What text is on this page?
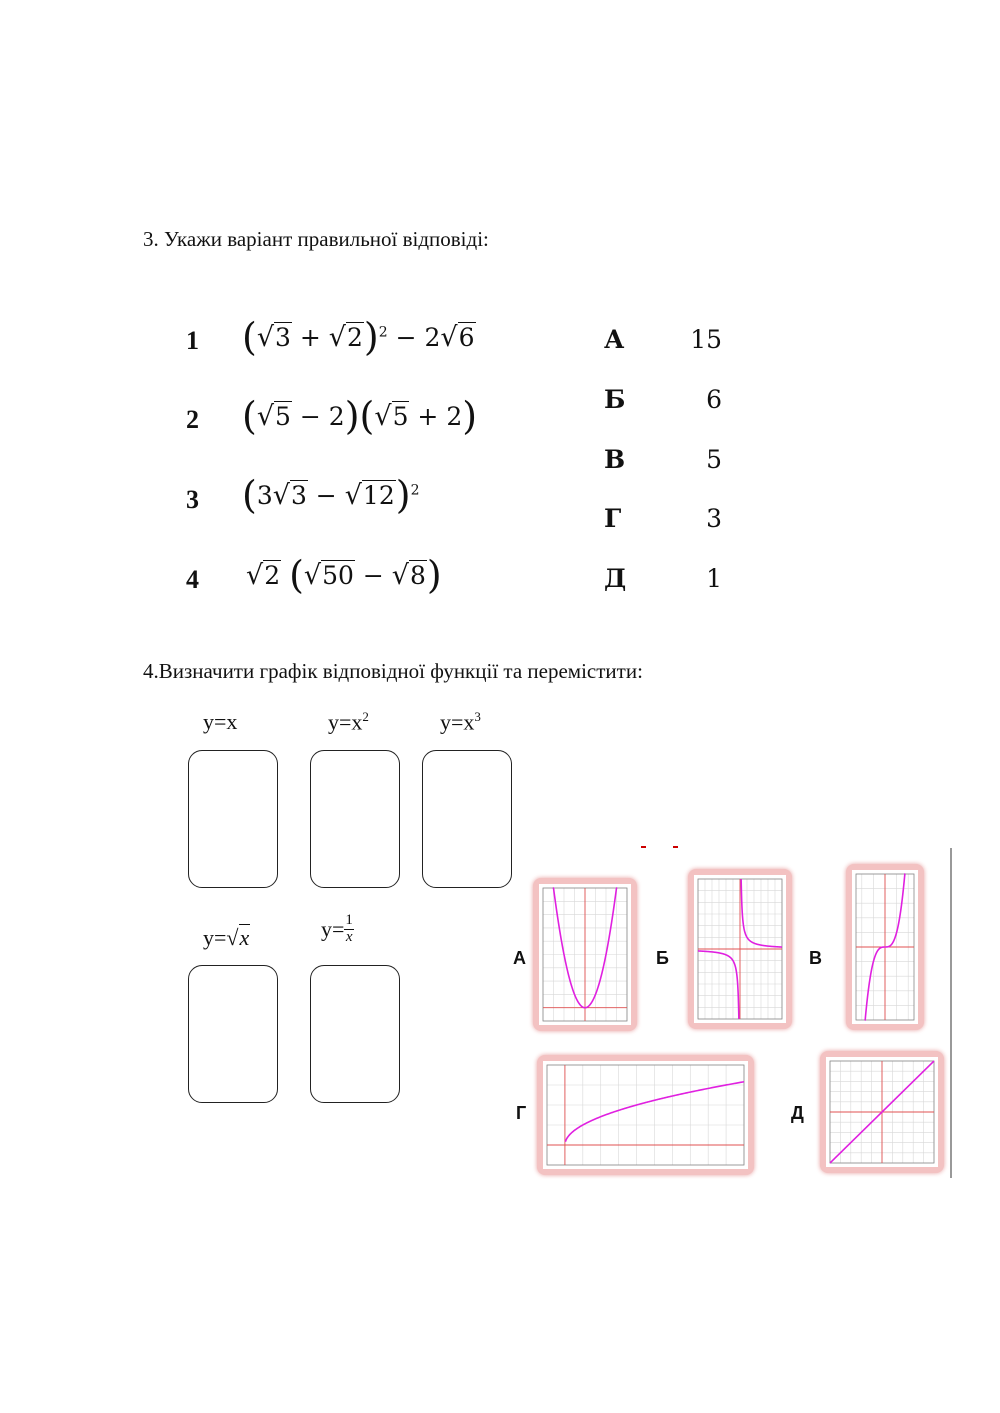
3. Укажи варіант правильної відповіді:
1 $(√3 + √2)^2 - 2√6$
2 (√5 − 2)(√5 + 2)
3 $(3√3 - √12)^2$
4 √2 (√50 − √8)
А	15
Б	6
В	5
Г	3
Д	1
4.Визначити графік відповідної функції та перемістити:
y=x	$y=x^2$	$y=x^3$
y=√x	$y= \frac{1}{x}$
А	Б	В
Г	Д
